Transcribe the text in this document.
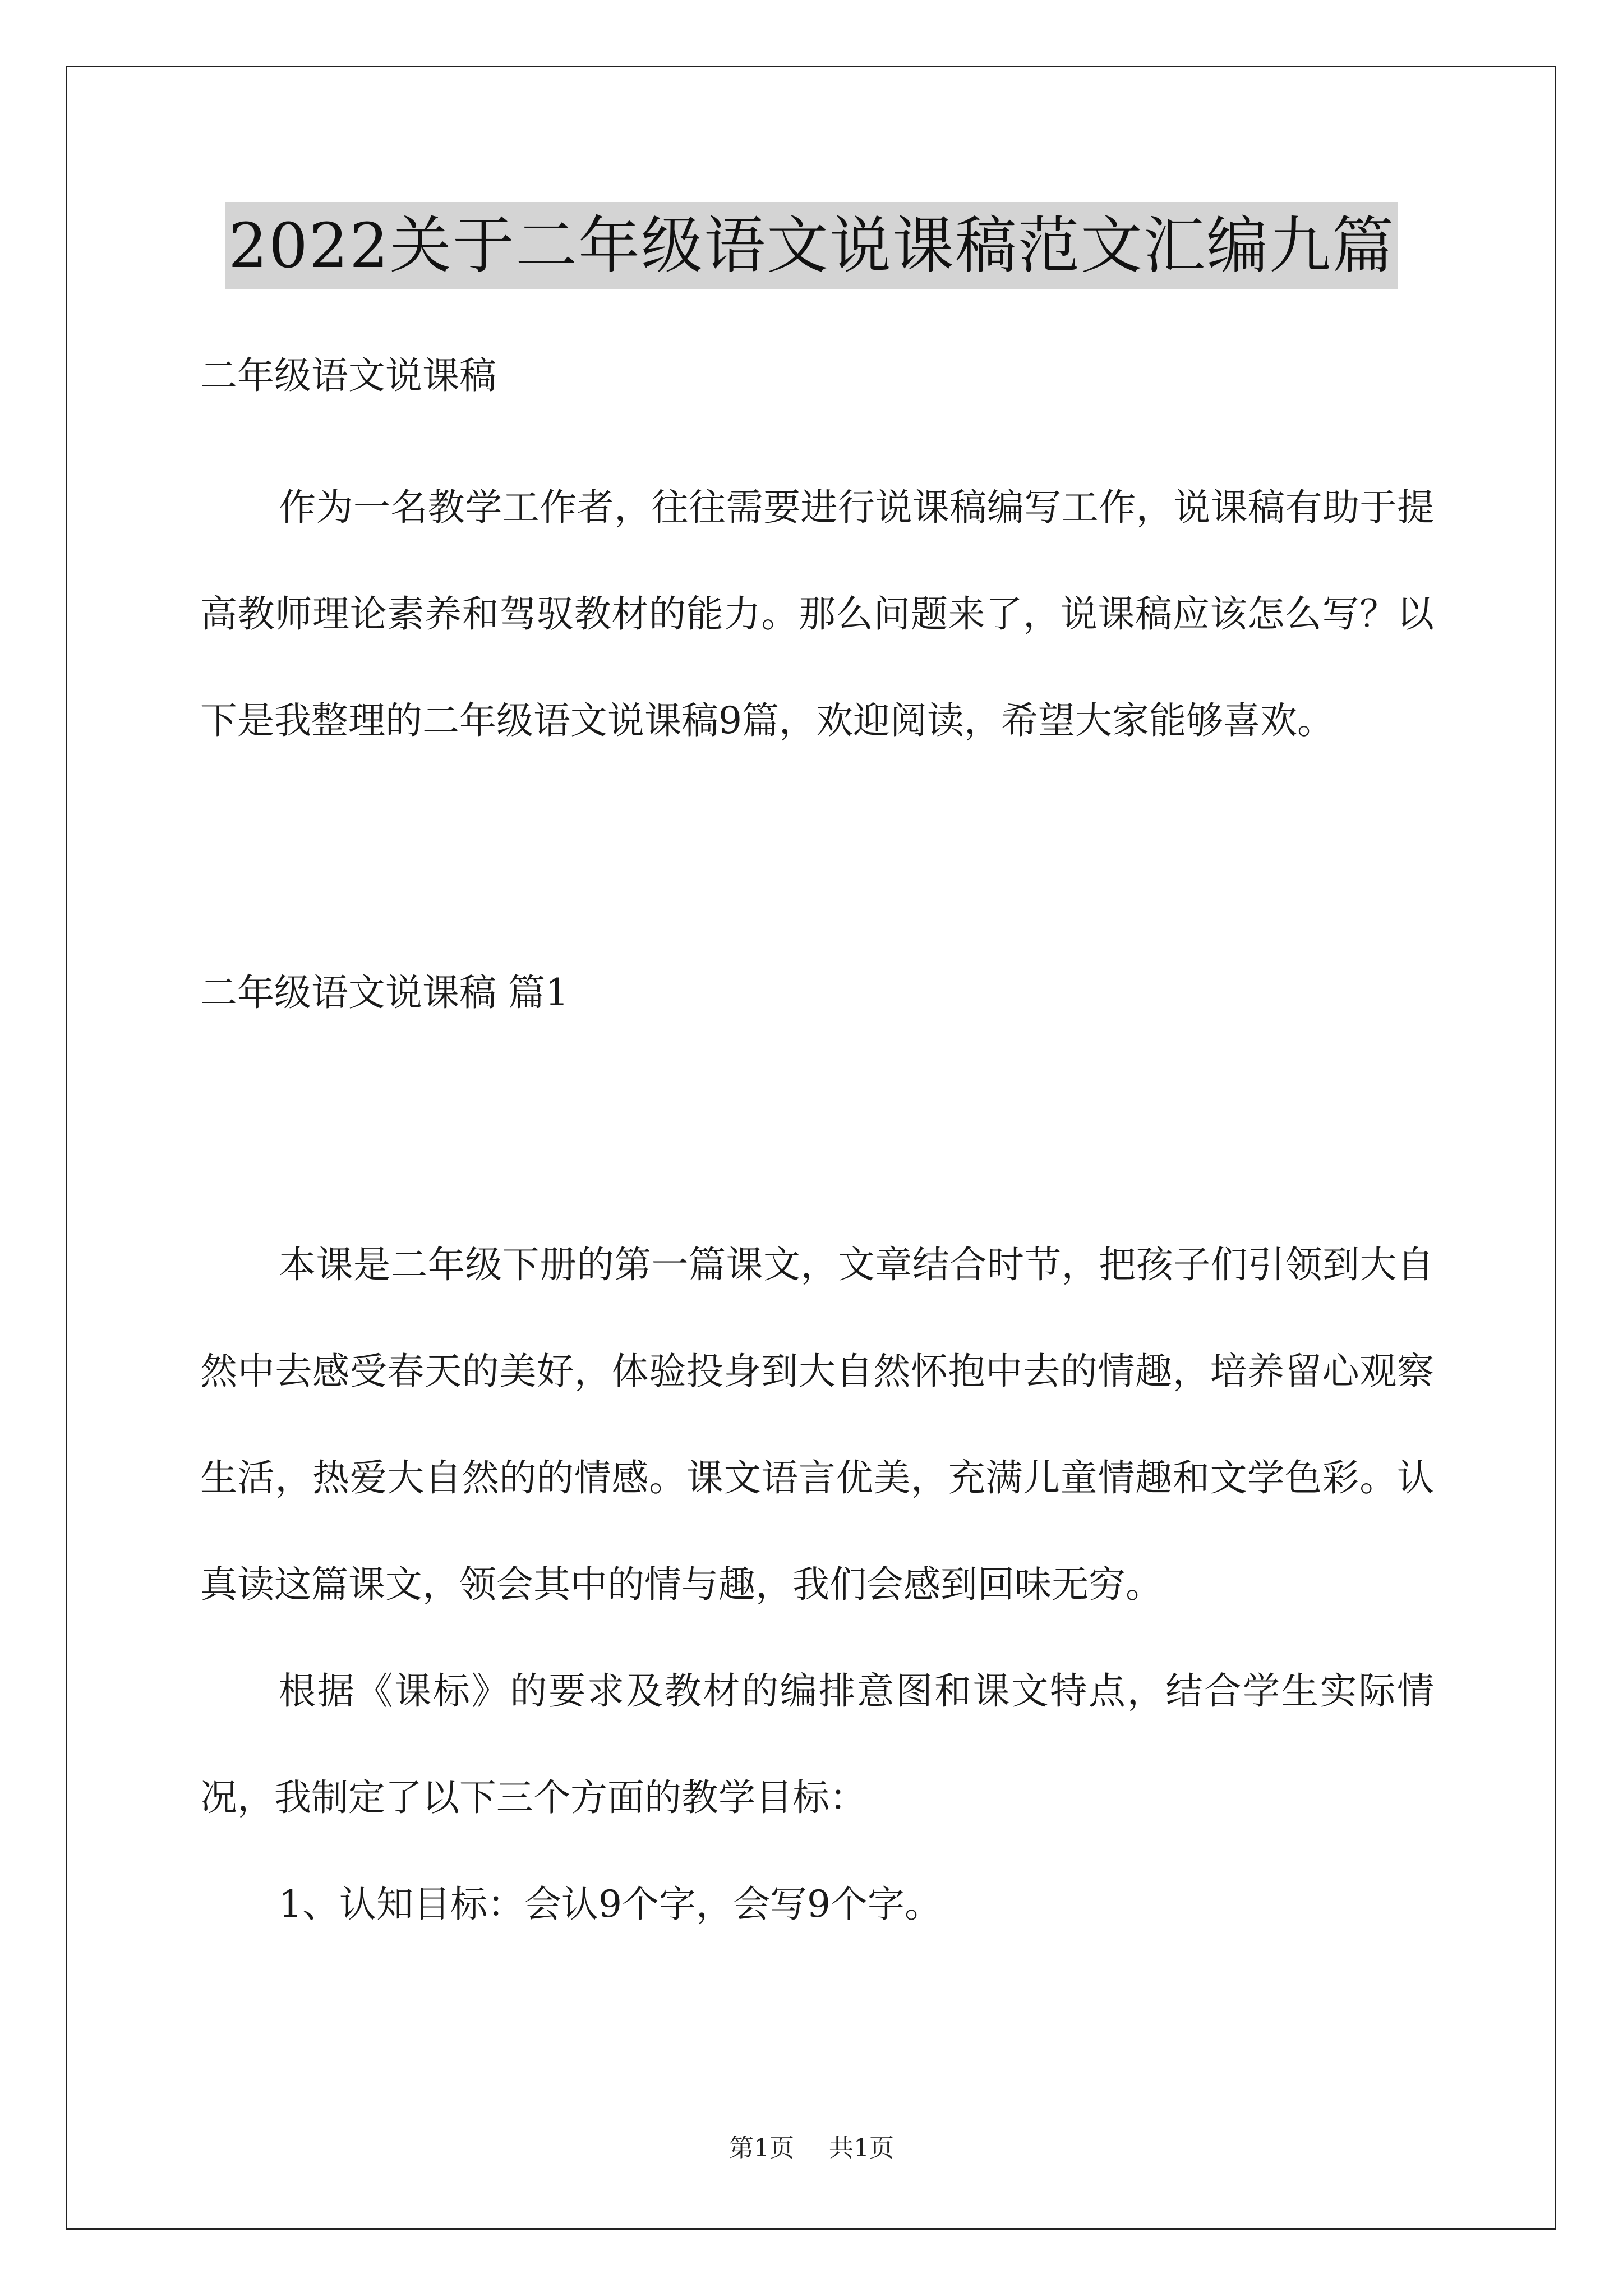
2022关于二年级语文说课稿范文汇编九篇

二年级语文说课稿

作为一名教学工作者，往往需要进行说课稿编写工作，说课稿有助于提高教师理论素养和驾驭教材的能力。那么问题来了，说课稿应该怎么写？以下是我整理的二年级语文说课稿9篇，欢迎阅读，希望大家能够喜欢。

二年级语文说课稿 篇1

本课是二年级下册的第一篇课文，文章结合时节，把孩子们引领到大自然中去感受春天的美好，体验投身到大自然怀抱中去的情趣，培养留心观察生活，热爱大自然的的情感。课文语言优美，充满儿童情趣和文学色彩。认真读这篇课文，领会其中的情与趣，我们会感到回味无穷。

根据《课标》的要求及教材的编排意图和课文特点，结合学生实际情况，我制定了以下三个方面的教学目标：

1、认知目标：会认9个字，会写9个字。

第1页 共1页
